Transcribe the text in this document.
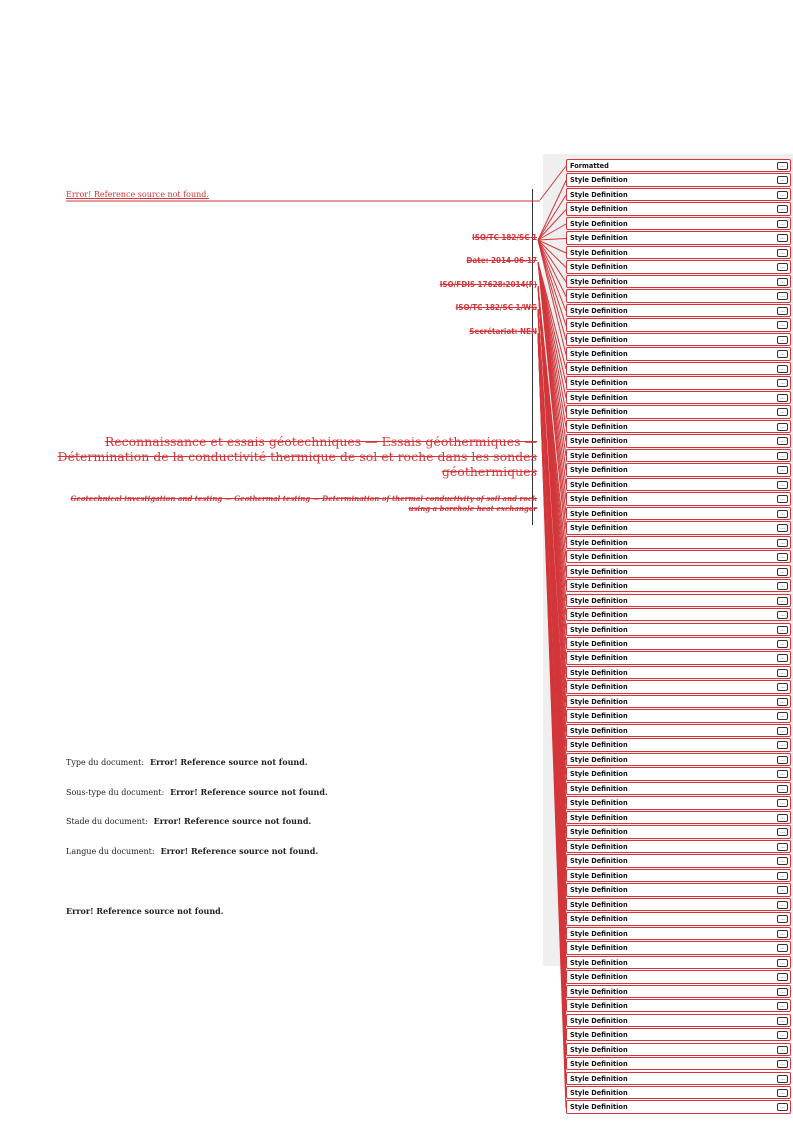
Error! Reference source not found.
ISO/TC 182/SC 1
Date: 2014-06-17
ISO/FDIS 17628:2014(F)
ISO/TC 182/SC 1/WG
Secrétariat: NEN
Reconnaissance et essais géotechniques — Essais géothermiques — Détermination de la conductivité thermique de sol et roche dans les sondes géothermiques
Geotechnical investigation and testing — Geothermal testing — Determination of thermal conductivity of soil and rock using a borehole heat exchanger
Type du document: Error! Reference source not found.
Sous-type du document: Error! Reference source not found.
Stade du document: Error! Reference source not found.
Langue du document: Error! Reference source not found.
Error! Reference source not found.
Formatted	...
Style Definition	...
Style Definition	...
Style Definition	...
Style Definition	...
Style Definition	...
Style Definition	...
Style Definition	...
Style Definition	...
Style Definition	...
Style Definition	...
Style Definition	...
Style Definition	...
Style Definition	...
Style Definition	...
Style Definition	...
Style Definition	...
Style Definition	...
Style Definition	...
Style Definition	...
Style Definition	...
Style Definition	...
Style Definition	...
Style Definition	...
Style Definition	...
Style Definition	...
Style Definition	...
Style Definition	...
Style Definition	...
Style Definition	...
Style Definition	...
Style Definition	...
Style Definition	...
Style Definition	...
Style Definition	...
Style Definition	...
Style Definition	...
Style Definition	...
Style Definition	...
Style Definition	...
Style Definition	...
Style Definition	...
Style Definition	...
Style Definition	...
Style Definition	...
Style Definition	...
Style Definition	...
Style Definition	...
Style Definition	...
Style Definition	...
Style Definition	...
Style Definition	...
Style Definition	...
Style Definition	...
Style Definition	...
Style Definition	...
Style Definition	...
Style Definition	...
Style Definition	...
Style Definition	...
Style Definition	...
Style Definition	...
Style Definition	...
Style Definition	...
Style Definition	...
Style Definition	...
